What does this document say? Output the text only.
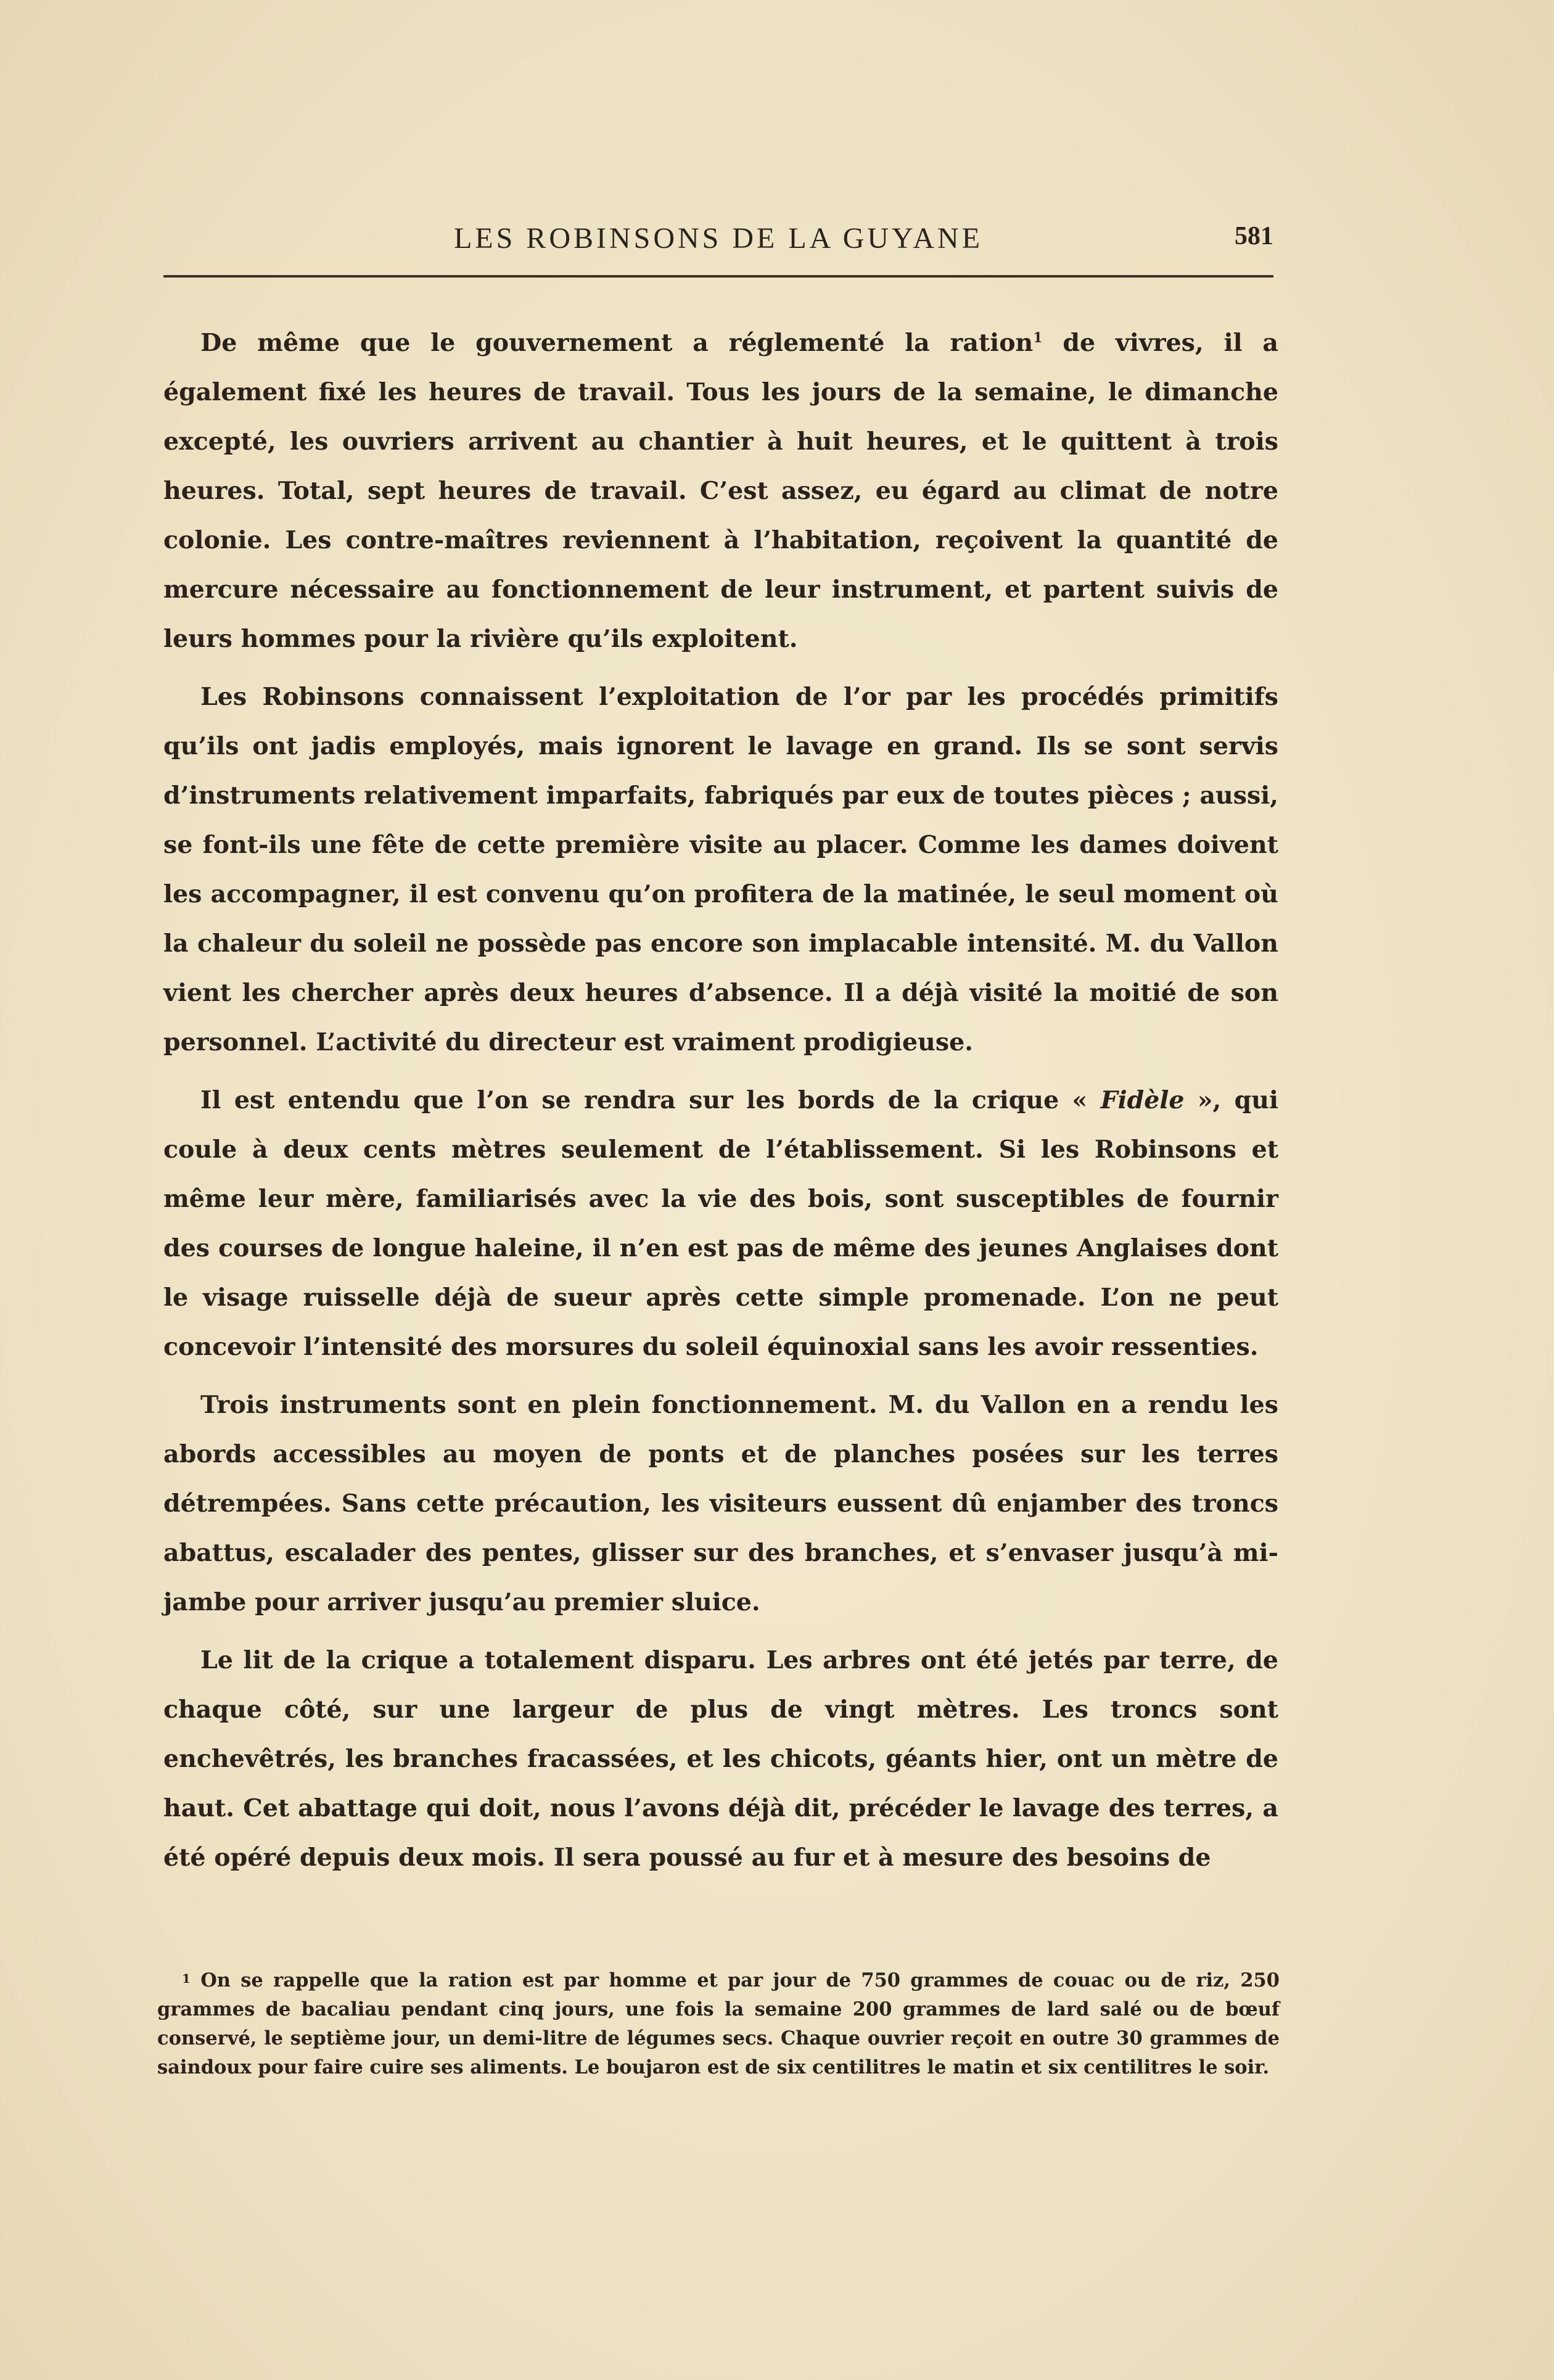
LES ROBINSONS DE LA GUYANE	581

De même que le gouvernement a réglementé la ration$^1$ de vivres, il a également fixé les heures de travail. Tous les jours de la semaine, le dimanche excepté, les ouvriers arrivent au chantier à huit heures, et le quittent à trois heures. Total, sept heures de travail. C’est assez, eu égard au climat de notre colonie. Les contre-maîtres reviennent à l’habitation, reçoivent la quantité de mercure nécessaire au fonctionnement de leur instrument, et partent suivis de leurs hommes pour la rivière qu’ils exploitent.

Les Robinsons connaissent l’exploitation de l’or par les procédés primitifs qu’ils ont jadis employés, mais ignorent le lavage en grand. Ils se sont servis d’instruments relativement imparfaits, fabriqués par eux de toutes pièces ; aussi, se font-ils une fête de cette première visite au placer. Comme les dames doivent les accompagner, il est convenu qu’on profitera de la matinée, le seul moment où la chaleur du soleil ne possède pas encore son implacable intensité. M. du Vallon vient les chercher après deux heures d’absence. Il a déjà visité la moitié de son personnel. L’activité du directeur est vraiment prodigieuse.

Il est entendu que l’on se rendra sur les bords de la crique « Fidèle », qui coule à deux cents mètres seulement de l’établissement. Si les Robinsons et même leur mère, familiarisés avec la vie des bois, sont susceptibles de fournir des courses de longue haleine, il n’en est pas de même des jeunes Anglaises dont le visage ruisselle déjà de sueur après cette simple promenade. L’on ne peut concevoir l’intensité des morsures du soleil équinoxial sans les avoir ressenties.

Trois instruments sont en plein fonctionnement. M. du Vallon en a rendu les abords accessibles au moyen de ponts et de planches posées sur les terres détrempées. Sans cette précaution, les visiteurs eussent dû enjamber des troncs abattus, escalader des pentes, glisser sur des branches, et s’envaser jusqu’à mi-jambe pour arriver jusqu’au premier sluice.

Le lit de la crique a totalement disparu. Les arbres ont été jetés par terre, de chaque côté, sur une largeur de plus de vingt mètres. Les troncs sont enchevêtrés, les branches fracassées, et les chicots, géants hier, ont un mètre de haut. Cet abattage qui doit, nous l’avons déjà dit, précéder le lavage des terres, a été opéré depuis deux mois. Il sera poussé au fur et à mesure des besoins de

1 On se rappelle que la ration est par homme et par jour de 750 grammes de couac ou de riz, 250 grammes de bacaliau pendant cinq jours, une fois la semaine 200 grammes de lard salé ou de bœuf conservé, le septième jour, un demi-litre de légumes secs. Chaque ouvrier reçoit en outre 30 grammes de saindoux pour faire cuire ses aliments. Le boujaron est de six centilitres le matin et six centilitres le soir.
